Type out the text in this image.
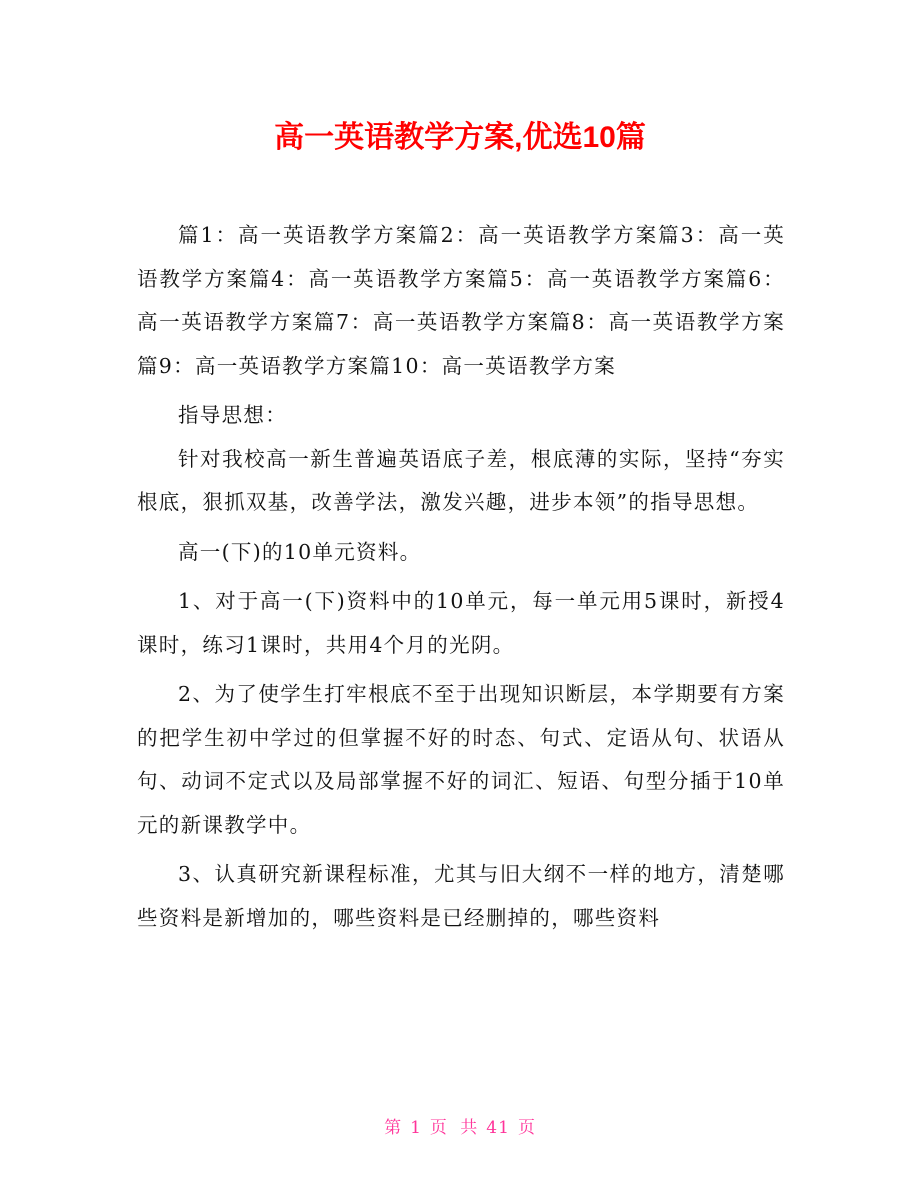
高一英语教学方案,优选10篇

篇1：高一英语教学方案篇2：高一英语教学方案篇3：高一英语教学方案篇4：高一英语教学方案篇5：高一英语教学方案篇6：高一英语教学方案篇7：高一英语教学方案篇8：高一英语教学方案篇9：高一英语教学方案篇10：高一英语教学方案

指导思想：

针对我校高一新生普遍英语底子差，根底薄的实际，坚持“夯实根底，狠抓双基，改善学法，激发兴趣，进步本领”的指导思想。

高一(下)的10单元资料。

1、对于高一(下)资料中的10单元，每一单元用5课时，新授4课时，练习1课时，共用4个月的光阴。

2、为了使学生打牢根底不至于出现知识断层，本学期要有方案的把学生初中学过的但掌握不好的时态、句式、定语从句、状语从句、动词不定式以及局部掌握不好的词汇、短语、句型分插于10单元的新课教学中。

3、认真研究新课程标准，尤其与旧大纲不一样的地方，清楚哪些资料是新增加的，哪些资料是已经删掉的，哪些资料

第 1 页 共 41 页
